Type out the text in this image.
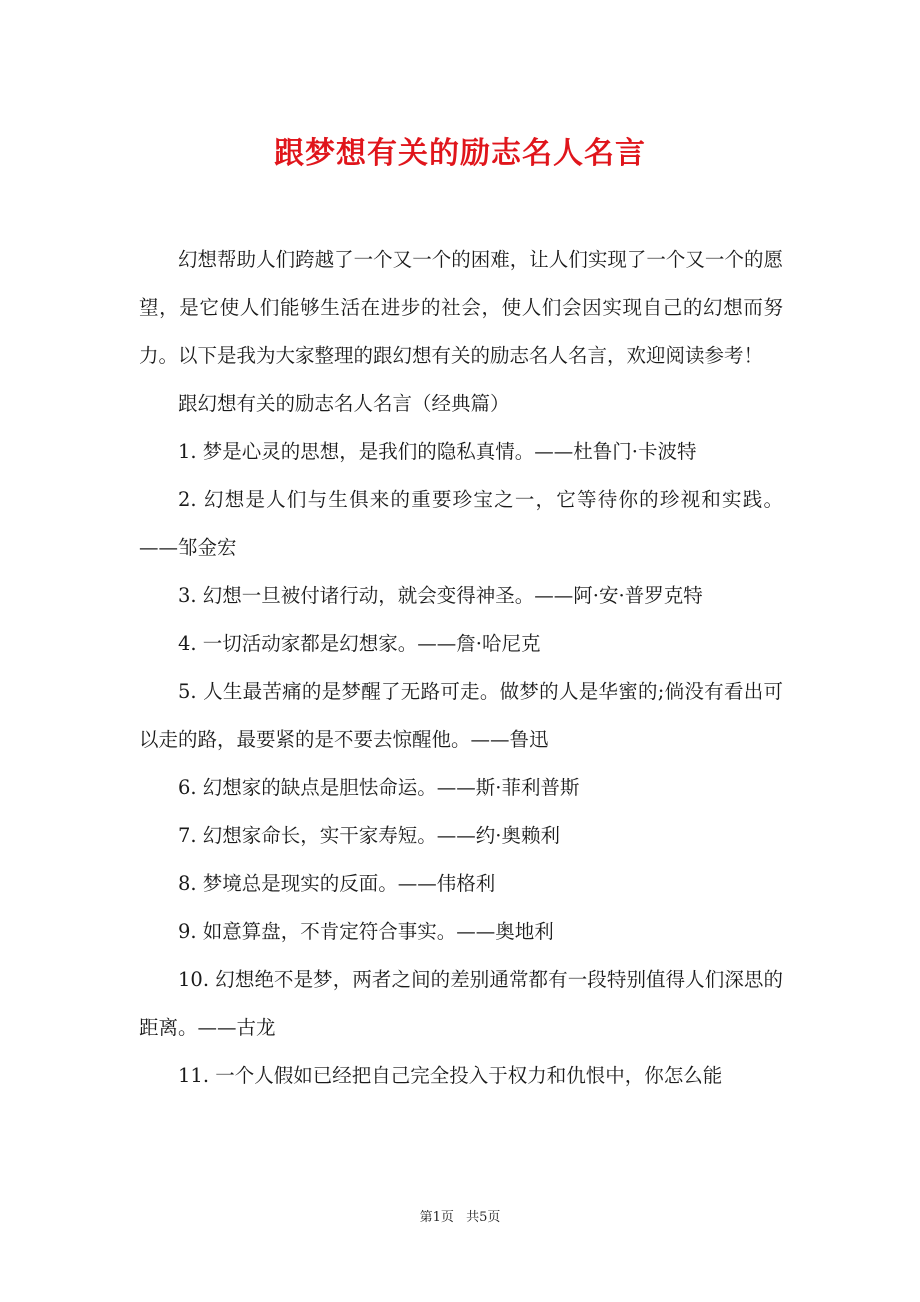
跟梦想有关的励志名人名言

幻想帮助人们跨越了一个又一个的困难，让人们实现了一个又一个的愿望，是它使人们能够生活在进步的社会，使人们会因实现自己的幻想而努力。以下是我为大家整理的跟幻想有关的励志名人名言，欢迎阅读参考！

跟幻想有关的励志名人名言（经典篇）

1. 梦是心灵的思想，是我们的隐私真情。——杜鲁门·卡波特

2. 幻想是人们与生俱来的重要珍宝之一，它等待你的珍视和实践。——邹金宏

3. 幻想一旦被付诸行动，就会变得神圣。——阿·安·普罗克特

4. 一切活动家都是幻想家。——詹·哈尼克

5. 人生最苦痛的是梦醒了无路可走。做梦的人是华蜜的;倘没有看出可以走的路，最要紧的是不要去惊醒他。——鲁迅

6. 幻想家的缺点是胆怯命运。——斯·菲利普斯

7. 幻想家命长，实干家寿短。——约·奥赖利

8. 梦境总是现实的反面。——伟格利

9. 如意算盘，不肯定符合事实。——奥地利

10. 幻想绝不是梦，两者之间的差别通常都有一段特别值得人们深思的距离。——古龙

11. 一个人假如已经把自己完全投入于权力和仇恨中，你怎么能

第1页 共5页
